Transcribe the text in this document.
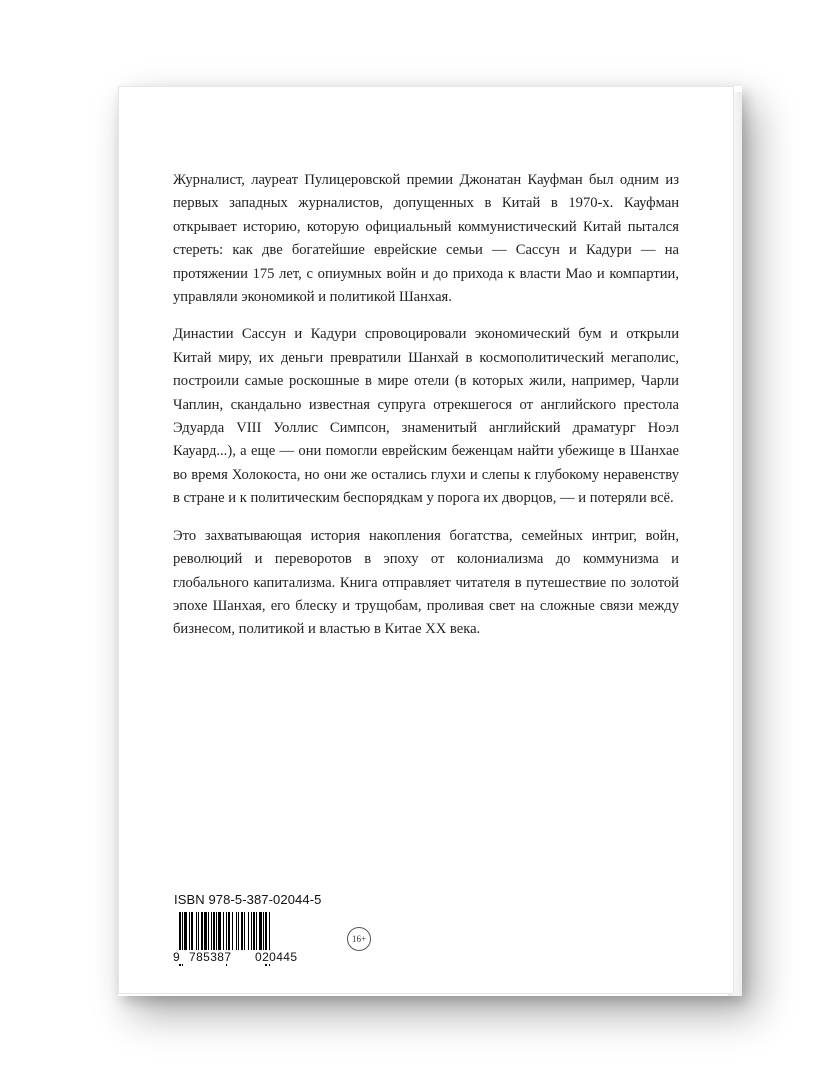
Журналист, лауреат Пулицеровской премии Джонатан Кауфман был одним из первых западных журналистов, допущенных в Китай в 1970-х. Кауфман открывает историю, которую официальный коммунистический Китай пытался стереть: как две богатейшие еврейские семьи — Сассун и Кадури — на протяжении 175 лет, с опиумных войн и до прихода к власти Мао и компартии, управляли экономикой и политикой Шанхая.

Династии Сассун и Кадури спровоцировали экономический бум и открыли Китай миру, их деньги превратили Шанхай в космополитический мегаполис, построили самые роскошные в мире отели (в которых жили, например, Чарли Чаплин, скандально известная супруга отрекшегося от английского престола Эдуарда VIII Уоллис Симпсон, знаменитый английский драматург Ноэл Кауард...), а еще — они помогли еврейским беженцам найти убежище в Шанхае во время Холокоста, но они же остались глухи и слепы к глубокому неравенству в стране и к политическим беспорядкам у порога их дворцов, — и потеряли всё.

Это захватывающая история накопления богатства, семейных интриг, войн, революций и переворотов в эпоху от колониализма до коммунизма и глобального капитализма. Книга отправляет читателя в путешествие по золотой эпохе Шанхая, его блеску и трущобам, проливая свет на сложные связи между бизнесом, политикой и властью в Китае XX века.

ISBN 978-5-387-02044-5
9 785387	020445
16+
